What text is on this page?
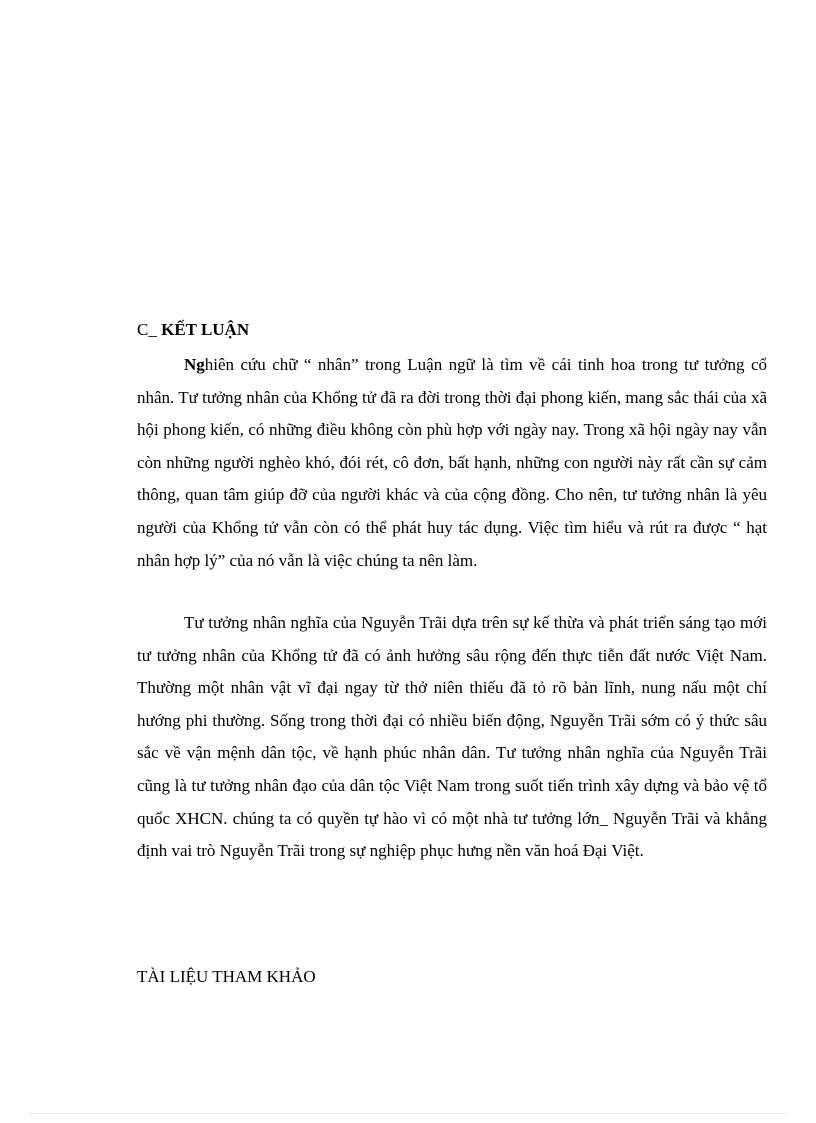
C_ KẾT LUẬN

Nghiên cứu chữ “ nhân” trong Luận ngữ là tìm về cái tinh hoa trong tư tưởng cổ nhân. Tư tưởng nhân của Khổng tử đã ra đời trong thời đại phong kiến, mang sắc thái của xã hội phong kiến, có những điều không còn phù hợp với ngày nay. Trong xã hội ngày nay vẫn còn những người nghèo khó, đói rét, cô đơn, bất hạnh, những con người này rất cần sự cảm thông, quan tâm giúp đỡ của người khác và của cộng đồng. Cho nên, tư tưởng nhân là yêu người của Khổng tử vẫn còn có thể phát huy tác dụng. Việc tìm hiểu và rút ra được “ hạt nhân hợp lý” của nó vẫn là việc chúng ta nên làm.

Tư tưởng nhân nghĩa của Nguyễn Trãi dựa trên sự kế thừa và phát triển sáng tạo mới tư tưởng nhân của Khổng tử đã có ảnh hưởng sâu rộng đến thực tiễn đất nước Việt Nam. Thường một nhân vật vĩ đại ngay từ thở niên thiếu đã tỏ rõ bản lĩnh, nung nấu một chí hướng phi thường. Sống trong thời đại có nhiều biến động, Nguyễn Trãi sớm có ý thức sâu sắc về vận mệnh dân tộc, về hạnh phúc nhân dân. Tư tưởng nhân nghĩa của Nguyễn Trãi cũng là tư tưởng nhân đạo của dân tộc Việt Nam trong suốt tiến trình xây dựng và bảo vệ tổ quốc XHCN. chúng ta có quyền tự hào vì có một nhà tư tưởng lớn_ Nguyễn Trãi và khẳng định vai trò Nguyễn Trãi trong sự nghiệp phục hưng nền văn hoá Đại Việt.

TÀI LIỆU THAM KHẢO
